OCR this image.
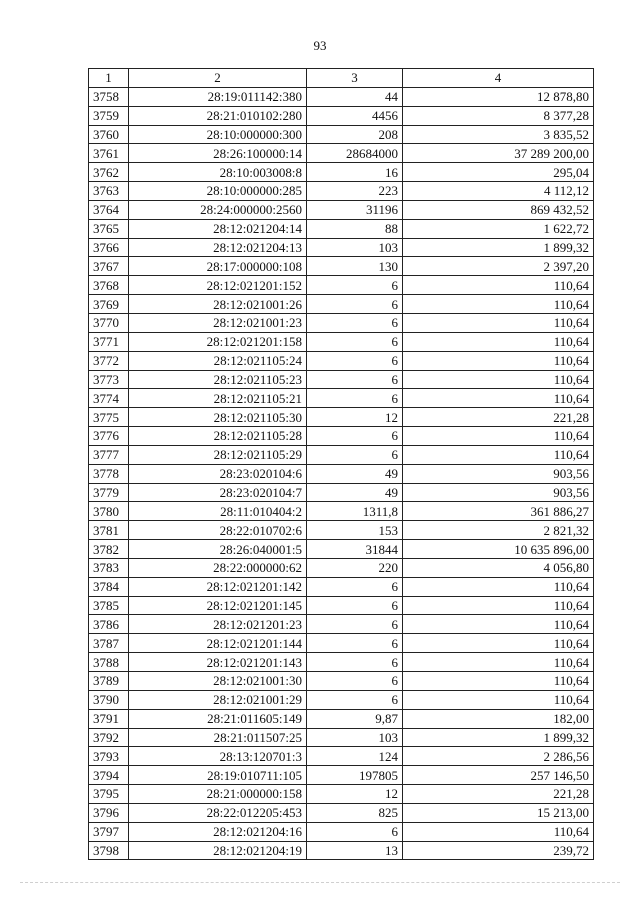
93
1	2	3	4
3758	28:19:011142:380	44	12 878,80
3759	28:21:010102:280	4456	8 377,28
3760	28:10:000000:300	208	3 835,52
3761	28:26:100000:14	28684000	37 289 200,00
3762	28:10:003008:8	16	295,04
3763	28:10:000000:285	223	4 112,12
3764	28:24:000000:2560	31196	869 432,52
3765	28:12:021204:14	88	1 622,72
3766	28:12:021204:13	103	1 899,32
3767	28:17:000000:108	130	2 397,20
3768	28:12:021201:152	6	110,64
3769	28:12:021001:26	6	110,64
3770	28:12:021001:23	6	110,64
3771	28:12:021201:158	6	110,64
3772	28:12:021105:24	6	110,64
3773	28:12:021105:23	6	110,64
3774	28:12:021105:21	6	110,64
3775	28:12:021105:30	12	221,28
3776	28:12:021105:28	6	110,64
3777	28:12:021105:29	6	110,64
3778	28:23:020104:6	49	903,56
3779	28:23:020104:7	49	903,56
3780	28:11:010404:2	1311,8	361 886,27
3781	28:22:010702:6	153	2 821,32
3782	28:26:040001:5	31844	10 635 896,00
3783	28:22:000000:62	220	4 056,80
3784	28:12:021201:142	6	110,64
3785	28:12:021201:145	6	110,64
3786	28:12:021201:23	6	110,64
3787	28:12:021201:144	6	110,64
3788	28:12:021201:143	6	110,64
3789	28:12:021001:30	6	110,64
3790	28:12:021001:29	6	110,64
3791	28:21:011605:149	9,87	182,00
3792	28:21:011507:25	103	1 899,32
3793	28:13:120701:3	124	2 286,56
3794	28:19:010711:105	197805	257 146,50
3795	28:21:000000:158	12	221,28
3796	28:22:012205:453	825	15 213,00
3797	28:12:021204:16	6	110,64
3798	28:12:021204:19	13	239,72
